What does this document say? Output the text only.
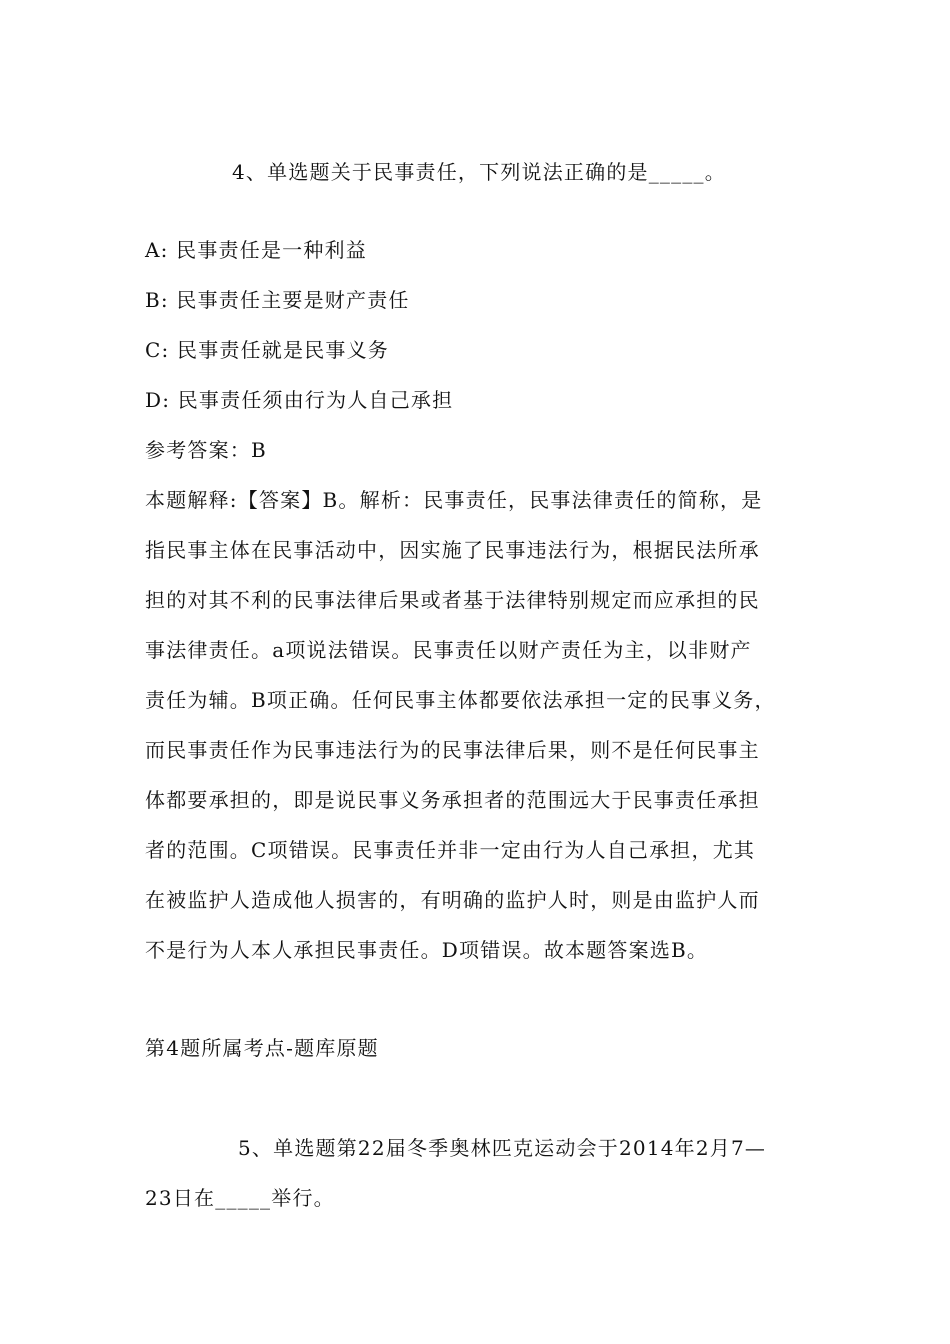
4、单选题关于民事责任，下列说法正确的是_____。
A: 民事责任是一种利益
B: 民事责任主要是财产责任
C: 民事责任就是民事义务
D: 民事责任须由行为人自己承担
参考答案：B
本题解释:【答案】B。解析：民事责任，民事法律责任的简称，是
指民事主体在民事活动中，因实施了民事违法行为，根据民法所承
担的对其不利的民事法律后果或者基于法律特别规定而应承担的民
事法律责任。a项说法错误。民事责任以财产责任为主，以非财产
责任为辅。B项正确。任何民事主体都要依法承担一定的民事义务，
而民事责任作为民事违法行为的民事法律后果，则不是任何民事主
体都要承担的，即是说民事义务承担者的范围远大于民事责任承担
者的范围。C项错误。民事责任并非一定由行为人自己承担，尤其
在被监护人造成他人损害的，有明确的监护人时，则是由监护人而
不是行为人本人承担民事责任。D项错误。故本题答案选B。
第4题所属考点-题库原题
5、单选题第22届冬季奥林匹克运动会于2014年2月7—
23日在_____举行。
